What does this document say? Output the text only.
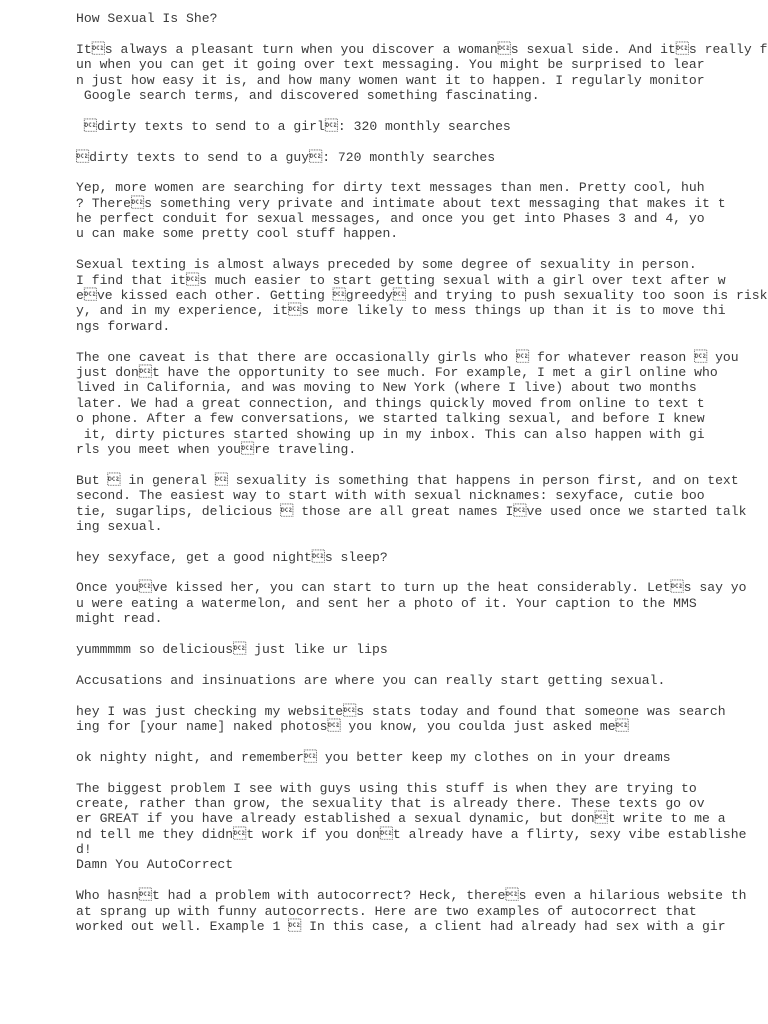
How Sexual Is She?
Its always a pleasant turn when you discover a womans sexual side. And its really f
un when you can get it going over text messaging. You might be surprised to lear
n just how easy it is, and how many women want it to happen. I regularly monitor
Google search terms, and discovered something fascinating.
dirty texts to send to a girl: 320 monthly searches
dirty texts to send to a guy: 720 monthly searches
Yep, more women are searching for dirty text messages than men. Pretty cool, huh
? Theres something very private and intimate about text messaging that makes it t
he perfect conduit for sexual messages, and once you get into Phases 3 and 4, yo
u can make some pretty cool stuff happen.
Sexual texting is almost always preceded by some degree of sexuality in person.
I find that its much easier to start getting sexual with a girl over text after w
eve kissed each other. Getting greedy and trying to push sexuality too soon is risk
y, and in my experience, its more likely to mess things up than it is to move thi
ngs forward.
The one caveat is that there are occasionally girls who  for whatever reason  you
just dont have the opportunity to see much. For example, I met a girl online who
lived in California, and was moving to New York (where I live) about two months
later. We had a great connection, and things quickly moved from online to text t
o phone. After a few conversations, we started talking sexual, and before I knew
it, dirty pictures started showing up in my inbox. This can also happen with gi
rls you meet when youre traveling.
But  in general  sexuality is something that happens in person first, and on text
second. The easiest way to start with with sexual nicknames: sexyface, cutie boo
tie, sugarlips, delicious  those are all great names Ive used once we started talk
ing sexual.
hey sexyface, get a good nights sleep?
Once youve kissed her, you can start to turn up the heat considerably. Lets say yo
u were eating a watermelon, and sent her a photo of it. Your caption to the MMS
might read.
yummmmm so delicious just like ur lips
Accusations and insinuations are where you can really start getting sexual.
hey I was just checking my websites stats today and found that someone was search
ing for [your name] naked photos you know, you coulda just asked me
ok nighty night, and remember you better keep my clothes on in your dreams
The biggest problem I see with guys using this stuff is when they are trying to
create, rather than grow, the sexuality that is already there. These texts go ov
er GREAT if you have already established a sexual dynamic, but dont write to me a
nd tell me they didnt work if you dont already have a flirty, sexy vibe establishe
d!
Damn You AutoCorrect
Who hasnt had a problem with autocorrect? Heck, theres even a hilarious website th
at sprang up with funny autocorrects. Here are two examples of autocorrect that
worked out well. Example 1  In this case, a client had already had sex with a gir
